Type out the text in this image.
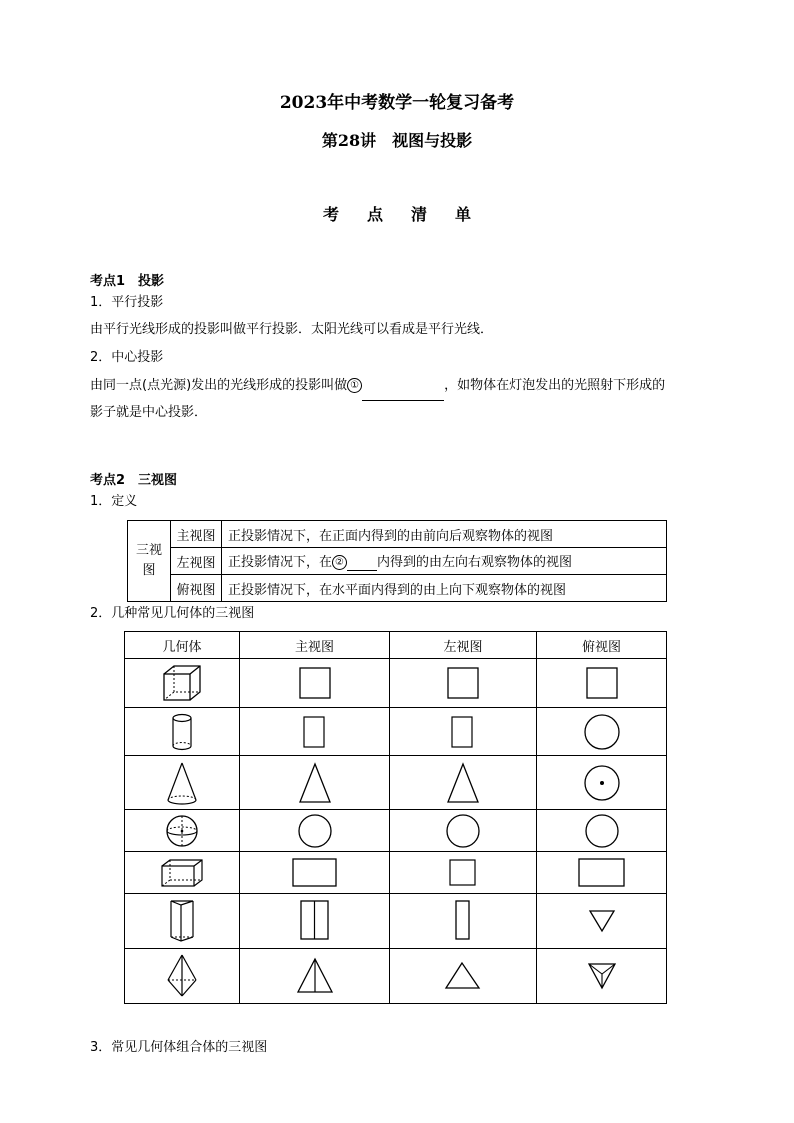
2023年中考数学一轮复习备考
第28讲　视图与投影
考点清单
考点1　投影
1．平行投影
由平行光线形成的投影叫做平行投影．太阳光线可以看成是平行光线．
2．中心投影
由同一点(点光源)发出的光线形成的投影叫做 ①	，如物体在灯泡发出的光照射下形成的
影子就是中心投影．
考点2　三视图
1．定义
三视图	主视图	正投影情况下，在正面内得到的由前向后观察物体的视图
	左视图	正投影情况下，在 ② 内得到的由左向右观察物体的视图
	俯视图	正投影情况下，在水平面内得到的由上向下观察物体的视图
2．几种常见几何体的三视图
几何体	主视图	左视图	俯视图

3．常见几何体组合体的三视图
